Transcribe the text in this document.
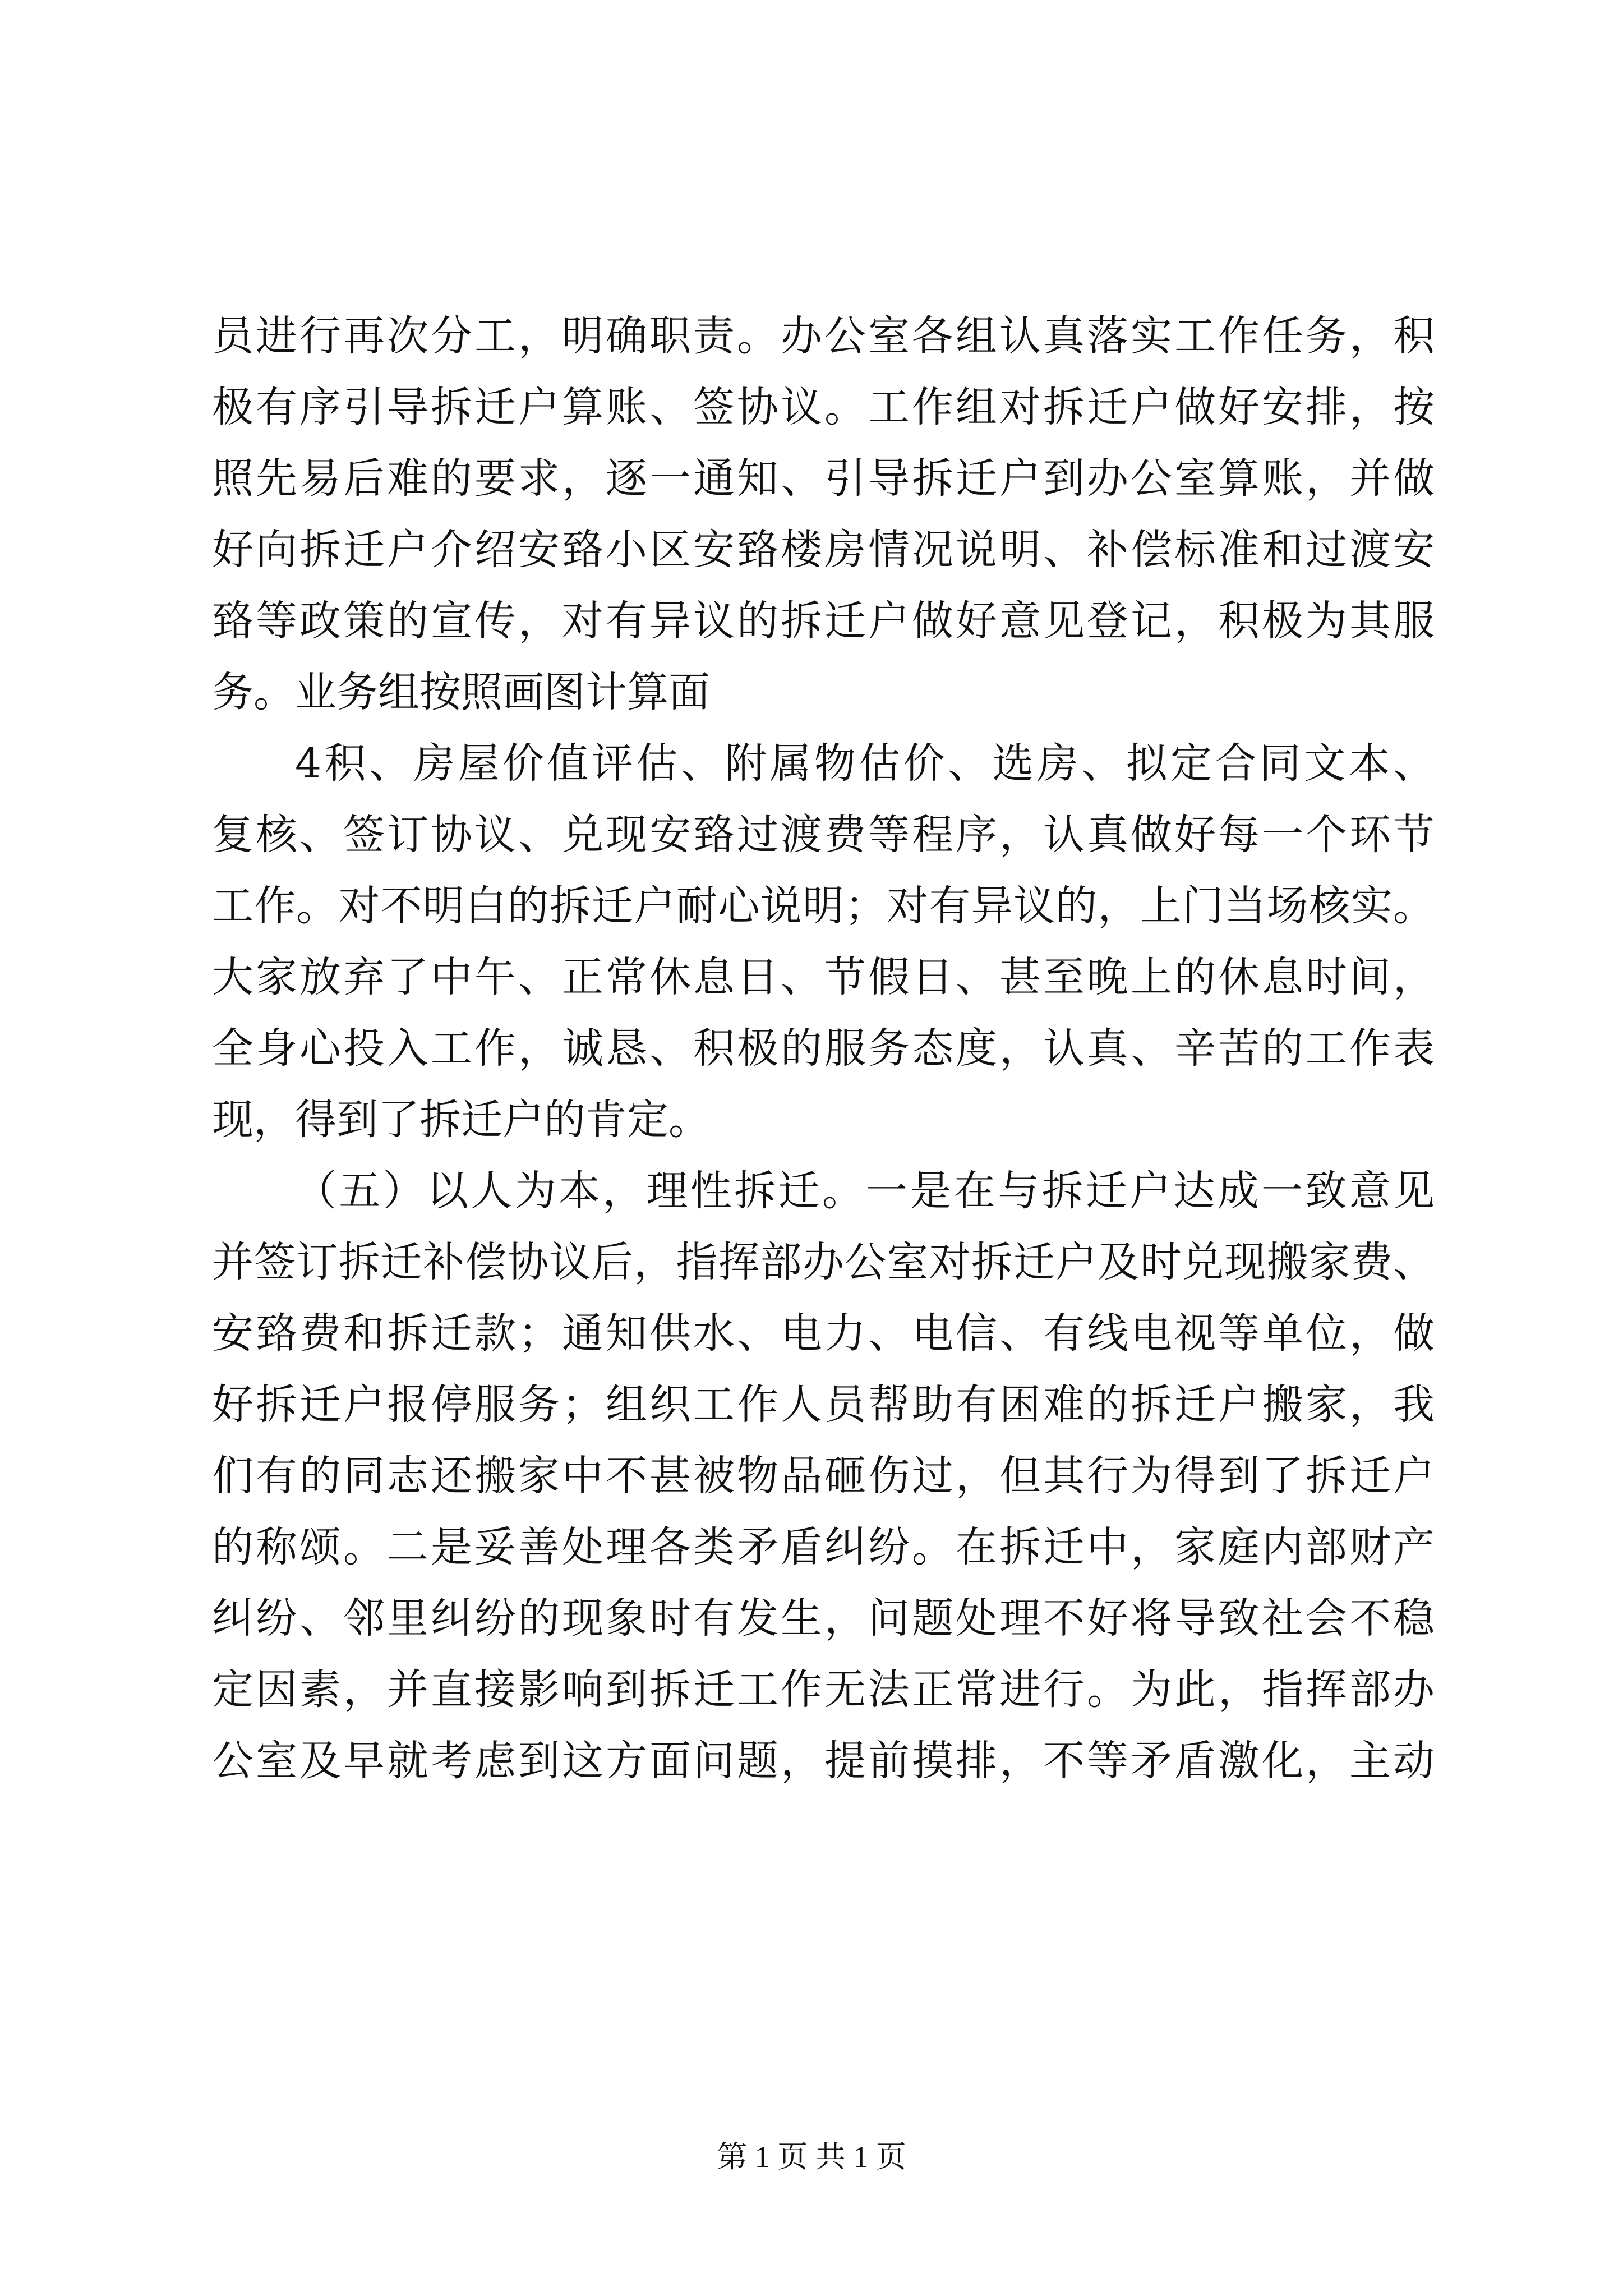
员进行再次分工，明确职责。办公室各组认真落实工作任务，积
极有序引导拆迁户算账、签协议。工作组对拆迁户做好安排，按
照先易后难的要求，逐一通知、引导拆迁户到办公室算账，并做
好向拆迁户介绍安臵小区安臵楼房情况说明、补偿标准和过渡安
臵等政策的宣传，对有异议的拆迁户做好意见登记，积极为其服
务。业务组按照画图计算面
4积、房屋价值评估、附属物估价、选房、拟定合同文本、
复核、签订协议、兑现安臵过渡费等程序，认真做好每一个环节
工作。对不明白的拆迁户耐心说明；对有异议的，上门当场核实。
大家放弃了中午、正常休息日、节假日、甚至晚上的休息时间，
全身心投入工作，诚恳、积极的服务态度，认真、辛苦的工作表
现，得到了拆迁户的肯定。
（五）以人为本，理性拆迁。一是在与拆迁户达成一致意见
并签订拆迁补偿协议后，指挥部办公室对拆迁户及时兑现搬家费、
安臵费和拆迁款；通知供水、电力、电信、有线电视等单位，做
好拆迁户报停服务；组织工作人员帮助有困难的拆迁户搬家，我
们有的同志还搬家中不甚被物品砸伤过，但其行为得到了拆迁户
的称颂。二是妥善处理各类矛盾纠纷。在拆迁中，家庭内部财产
纠纷、邻里纠纷的现象时有发生，问题处理不好将导致社会不稳
定因素，并直接影响到拆迁工作无法正常进行。为此，指挥部办
公室及早就考虑到这方面问题，提前摸排，不等矛盾激化，主动
第 1 页 共 1 页
